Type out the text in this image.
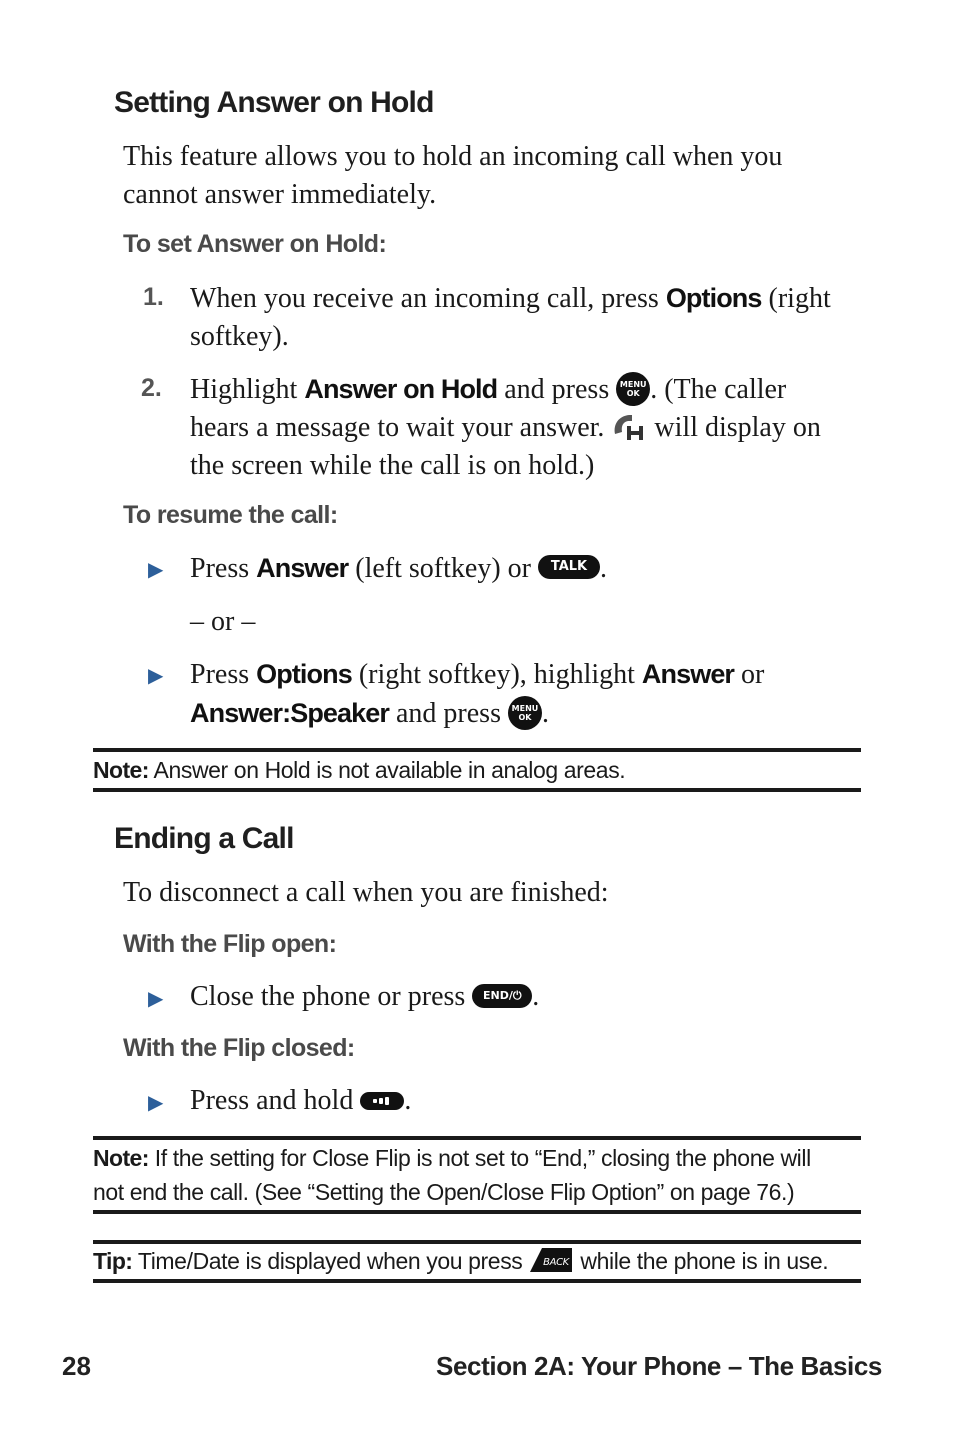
Setting Answer on Hold
This feature allows you to hold an incoming call when you cannot answer immediately.
To set Answer on Hold:
1. When you receive an incoming call, press Options (right softkey).
2. Highlight Answer on Hold and press MENU
OK . (The caller hears a message to wait your answer. will display on the screen while the call is on hold.)
To resume the call:
▶ Press Answer (left softkey) or TALK .
– or –
▶ Press Options (right softkey), highlight Answer or Answer:Speaker and press MENU
OK .
Note: Answer on Hold is not available in analog areas.
Ending a Call
To disconnect a call when you are finished:
With the Flip open:
▶ Close the phone or press END/⏻ .
With the Flip closed:
▶ Press and hold .
Note: If the setting for Close Flip is not set to “End,” closing the phone will
not end the call. (See “Setting the Open/Close Flip Option” on page 76.)
Tip: Time/Date is displayed when you press BACK while the phone is in use.
28	Section 2A: Your Phone – The Basics
